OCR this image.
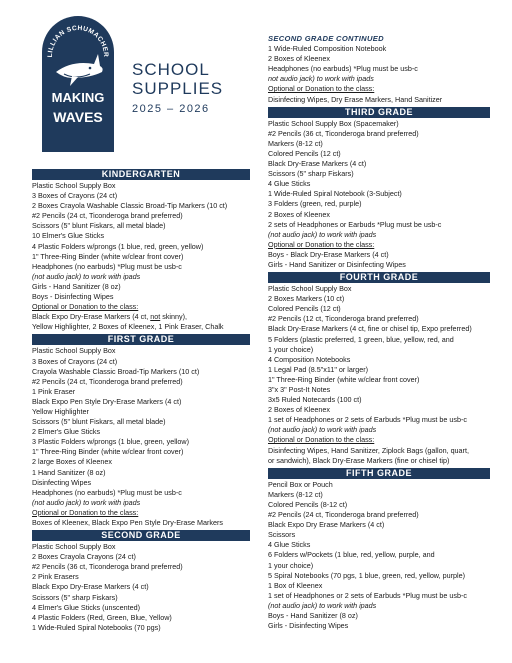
LILLIAN SCHUMACHER
MAKING
WAVES
SCHOOL
SUPPLIES
2025 – 2026
KINDERGARTEN
Plastic School Supply Box
3 Boxes of Crayons (24 ct)
2 Boxes Crayola Washable Classic Broad-Tip Markers (10 ct)
#2 Pencils (24 ct, Ticonderoga brand preferred)
Scissors (5" blunt Fiskars, all metal blade)
10 Elmer's Glue Sticks
4 Plastic Folders w/prongs (1 blue, red, green, yellow)
1" Three-Ring Binder (white w/clear front cover)
Headphones (no earbuds) *Plug must be usb-c
(not audio jack) to work with ipads
Girls - Hand Sanitizer (8 oz)
Boys - Disinfecting Wipes
Optional or Donation to the class:
Black Expo Dry-Erase Markers (4 ct, not skinny),
Yellow Highlighter, 2 Boxes of Kleenex, 1 Pink Eraser, Chalk
FIRST GRADE
Plastic School Supply Box
3 Boxes of Crayons (24 ct)
Crayola Washable Classic Broad-Tip Markers (10 ct)
#2 Pencils (24 ct, Ticonderoga brand preferred)
1 Pink Eraser
Black Expo Pen Style Dry-Erase Markers (4 ct)
Yellow Highlighter
Scissors (5" blunt Fiskars, all metal blade)
2 Elmer's Glue Sticks
3 Plastic Folders w/prongs (1 blue, green, yellow)
1" Three-Ring Binder (white w/clear front cover)
2 large Boxes of Kleenex
1 Hand Sanitizer (8 oz)
Disinfecting Wipes
Headphones (no earbuds) *Plug must be usb-c
(not audio jack) to work with ipads
Optional or Donation to the class:
Boxes of Kleenex, Black Expo Pen Style Dry-Erase Markers
SECOND GRADE
Plastic School Supply Box
2 Boxes Crayola Crayons (24 ct)
#2 Pencils (36 ct, Ticonderoga brand preferred)
2 Pink Erasers
Black Expo Dry-Erase Markers (4 ct)
Scissors (5" sharp Fiskars)
4 Elmer's Glue Sticks (unscented)
4 Plastic Folders (Red, Green, Blue, Yellow)
1 Wide-Ruled Spiral Notebooks (70 pgs)
SECOND GRADE CONTINUED
1 Wide-Ruled Composition Notebook
2 Boxes of Kleenex
Headphones (no earbuds) *Plug must be usb-c
not audio jack) to work with ipads
Optional or Donation to the class:
Disinfecting Wipes, Dry Erase Markers, Hand Sanitizer
THIRD GRADE
Plastic School Supply Box (Spacemaker)
#2 Pencils (36 ct, Ticonderoga brand preferred)
Markers (8-12 ct)
Colored Pencils (12 ct)
Black Dry-Erase Markers (4 ct)
Scissors (5" sharp Fiskars)
4 Glue Sticks
1 Wide-Ruled Spiral Notebook (3-Subject)
3 Folders (green, red, purple)
2 Boxes of Kleenex
2 sets of Headphones or Earbuds *Plug must be usb-c
(not audio jack) to work with ipads
Optional or Donation to the class:
Boys - Black Dry-Erase Markers (4 ct)
Girls - Hand Sanitizer or Disinfecting Wipes
FOURTH GRADE
Plastic School Supply Box
2 Boxes Markers (10 ct)
Colored Pencils (12 ct)
#2 Pencils (12 ct, Ticonderoga brand preferred)
Black Dry-Erase Markers (4 ct, fine or chisel tip, Expo preferred)
5 Folders (plastic preferred, 1 green, blue, yellow, red, and
1 your choice)
4 Composition Notebooks
1 Legal Pad (8.5"x11" or larger)
1" Three-Ring Binder (white w/clear front cover)
3"x 3" Post-It Notes
3x5 Ruled Notecards (100 ct)
2 Boxes of Kleenex
1 set of Headphones or 2 sets of Earbuds *Plug must be usb-c
(not audio jack) to work with ipads
Optional or Donation to the class:
Disinfecting Wipes, Hand Sanitizer, Ziplock Bags (gallon, quart,
or sandwich), Black Dry-Erase Markers (fine or chisel tip)
FIFTH GRADE
Pencil Box or Pouch
Markers (8-12 ct)
Colored Pencils (8-12 ct)
#2 Pencils (24 ct, Ticonderoga brand preferred)
Black Expo Dry Erase Markers (4 ct)
Scissors
4 Glue Sticks
6 Folders w/Pockets (1 blue, red, yellow, purple, and
1 your choice)
5 Spiral Notebooks (70 pgs, 1 blue, green, red, yellow, purple)
1 Box of Kleenex
1 set of Headphones or 2 sets of Earbuds *Plug must be usb-c
(not audio jack) to work with ipads
Boys - Hand Sanitizer (8 oz)
Girls - Disinfecting Wipes
